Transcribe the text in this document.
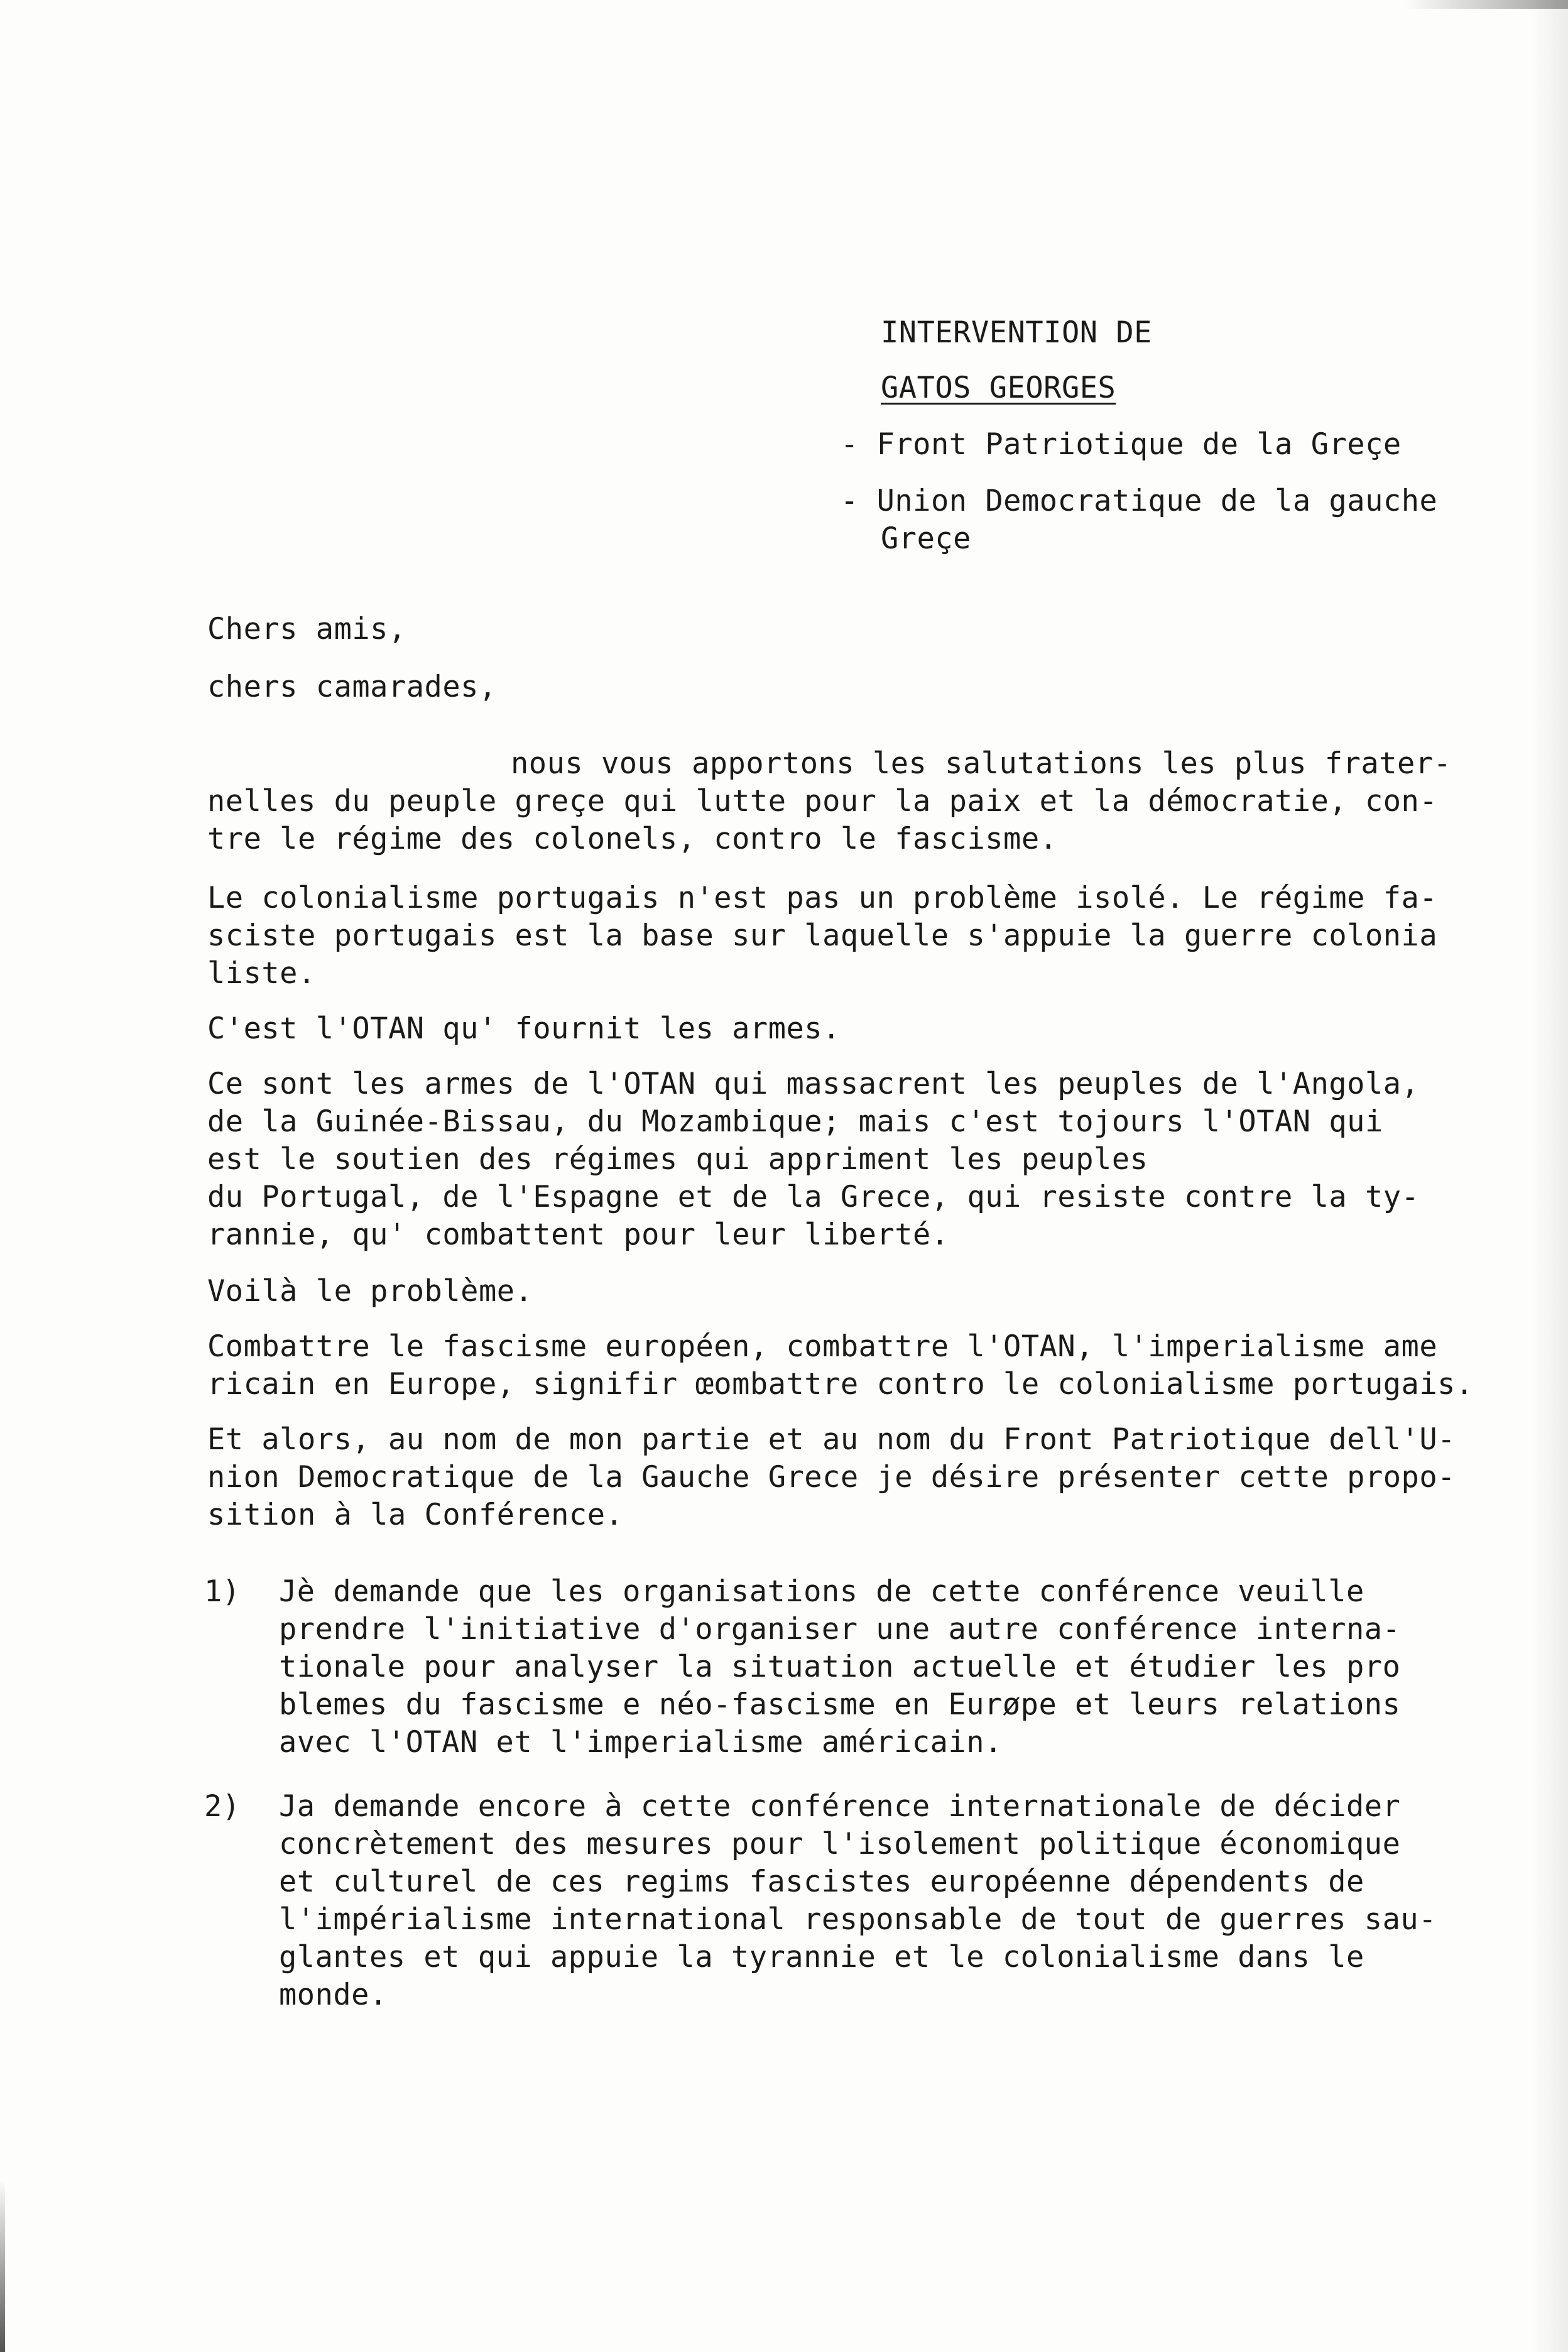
INTERVENTION DE

GATOS GEORGES

- Front Patriotique de la Greçe

- Union Democratique de la gauche

Greçe

Chers amis,

chers camarades,

nous vous apportons les salutations les plus frater-

nelles du peuple greçe qui lutte pour la paix et la démocratie, con-

tre le régime des colonels, contro le fascisme.

Le colonialisme portugais n'est pas un problème isolé. Le régime fa-

sciste portugais est la base sur laquelle s'appuie la guerre colonia

liste.

C'est l'OTAN qu' fournit les armes.

Ce sont les armes de l'OTAN qui massacrent les peuples de l'Angola,

de la Guinée-Bissau, du Mozambique; mais c'est tojours l'OTAN qui

est le soutien des régimes qui appriment les peuples

du Portugal, de l'Espagne et de la Grece, qui resiste contre la ty-

rannie, qu' combattent pour leur liberté.

Voilà le problème.

Combattre le fascisme européen, combattre l'OTAN, l'imperialisme ame

ricain en Europe, signifir œombattre contro le colonialisme portugais.

Et alors, au nom de mon partie et au nom du Front Patriotique dell'U-

nion Democratique de la Gauche Grece je désire présenter cette propo-

sition à la Conférence.

1) Jè demande que les organisations de cette conférence veuille

prendre l'initiative d'organiser une autre conférence interna-

tionale pour analyser la situation actuelle et étudier les pro

blemes du fascisme e néo-fascisme en Eurøpe et leurs relations

avec l'OTAN et l'imperialisme américain.

2) Ja demande encore à cette conférence internationale de décider

concrètement des mesures pour l'isolement politique économique

et culturel de ces regims fascistes européenne dépendents de

l'impérialisme international responsable de tout de guerres sau-

glantes et qui appuie la tyrannie et le colonialisme dans le

monde.
